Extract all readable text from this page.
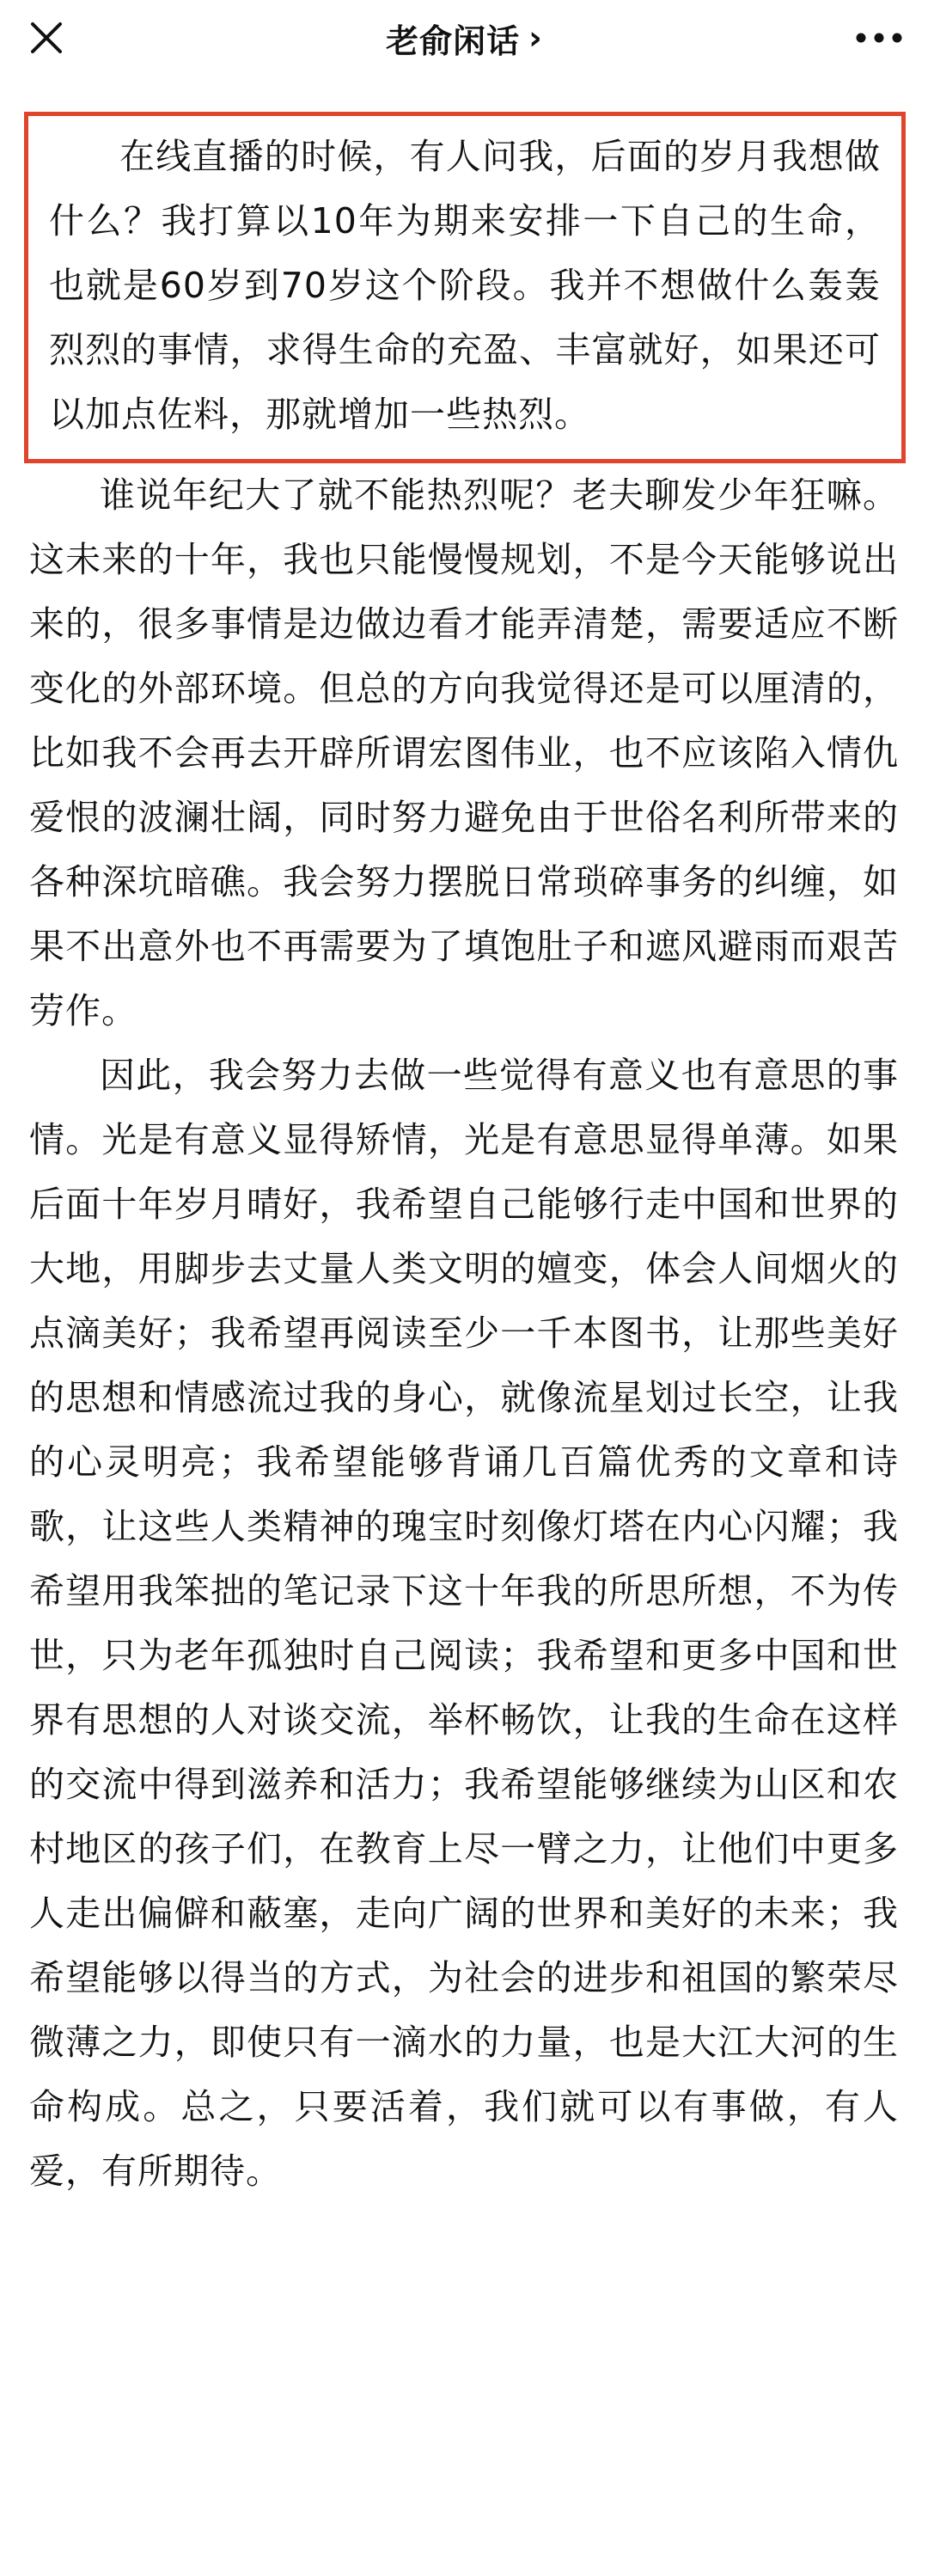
老俞闲话 ›

在线直播的时候，有人问我，后面的岁月我想做什么？我打算以10年为期来安排一下自己的生命，也就是60岁到70岁这个阶段。我并不想做什么轰轰烈烈的事情，求得生命的充盈、丰富就好，如果还可以加点佐料，那就增加一些热烈。

谁说年纪大了就不能热烈呢？老夫聊发少年狂嘛。这未来的十年，我也只能慢慢规划，不是今天能够说出来的，很多事情是边做边看才能弄清楚，需要适应不断变化的外部环境。但总的方向我觉得还是可以厘清的，比如我不会再去开辟所谓宏图伟业，也不应该陷入情仇爱恨的波澜壮阔，同时努力避免由于世俗名利所带来的各种深坑暗礁。我会努力摆脱日常琐碎事务的纠缠，如果不出意外也不再需要为了填饱肚子和遮风避雨而艰苦劳作。

因此，我会努力去做一些觉得有意义也有意思的事情。光是有意义显得矫情，光是有意思显得单薄。如果后面十年岁月晴好，我希望自己能够行走中国和世界的大地，用脚步去丈量人类文明的嬗变，体会人间烟火的点滴美好；我希望再阅读至少一千本图书，让那些美好的思想和情感流过我的身心，就像流星划过长空，让我的心灵明亮；我希望能够背诵几百篇优秀的文章和诗歌，让这些人类精神的瑰宝时刻像灯塔在内心闪耀；我希望用我笨拙的笔记录下这十年我的所思所想，不为传世，只为老年孤独时自己阅读；我希望和更多中国和世界有思想的人对谈交流，举杯畅饮，让我的生命在这样的交流中得到滋养和活力；我希望能够继续为山区和农村地区的孩子们，在教育上尽一臂之力，让他们中更多人走出偏僻和蔽塞，走向广阔的世界和美好的未来；我希望能够以得当的方式，为社会的进步和祖国的繁荣尽微薄之力，即使只有一滴水的力量，也是大江大河的生命构成。总之，只要活着，我们就可以有事做，有人爱，有所期待。
